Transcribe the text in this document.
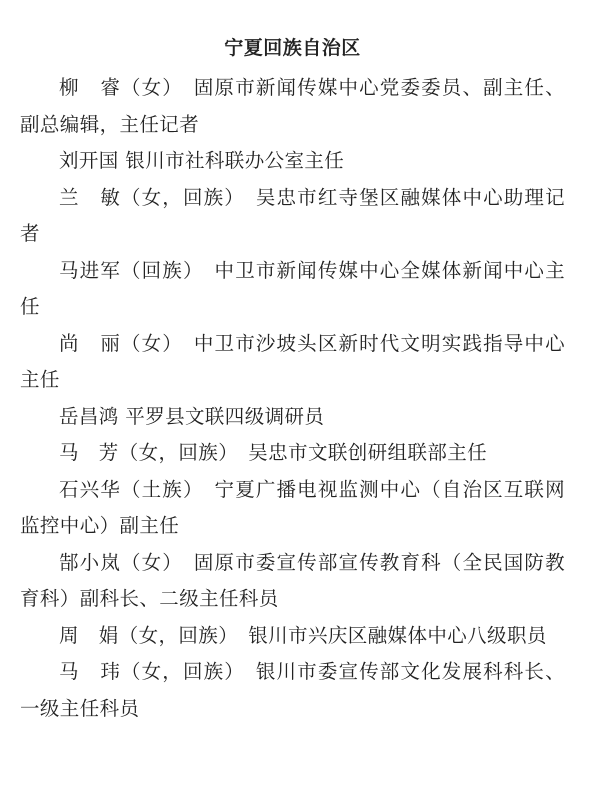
宁夏回族自治区

柳　睿（女）　固原市新闻传媒中心党委委员、副主任、副总编辑，主任记者

刘开国 银川市社科联办公室主任

兰　敏（女，回族）　吴忠市红寺堡区融媒体中心助理记者

马进军（回族）　中卫市新闻传媒中心全媒体新闻中心主任

尚　丽（女）　中卫市沙坡头区新时代文明实践指导中心主任

岳昌鸿 平罗县文联四级调研员

马　芳（女，回族）　吴忠市文联创研组联部主任

石兴华（土族）　宁夏广播电视监测中心（自治区互联网监控中心）副主任

郜小岚（女）　固原市委宣传部宣传教育科（全民国防教育科）副科长、二级主任科员

周　娟（女，回族）　银川市兴庆区融媒体中心八级职员

马　玮（女，回族）　银川市委宣传部文化发展科科长、一级主任科员
